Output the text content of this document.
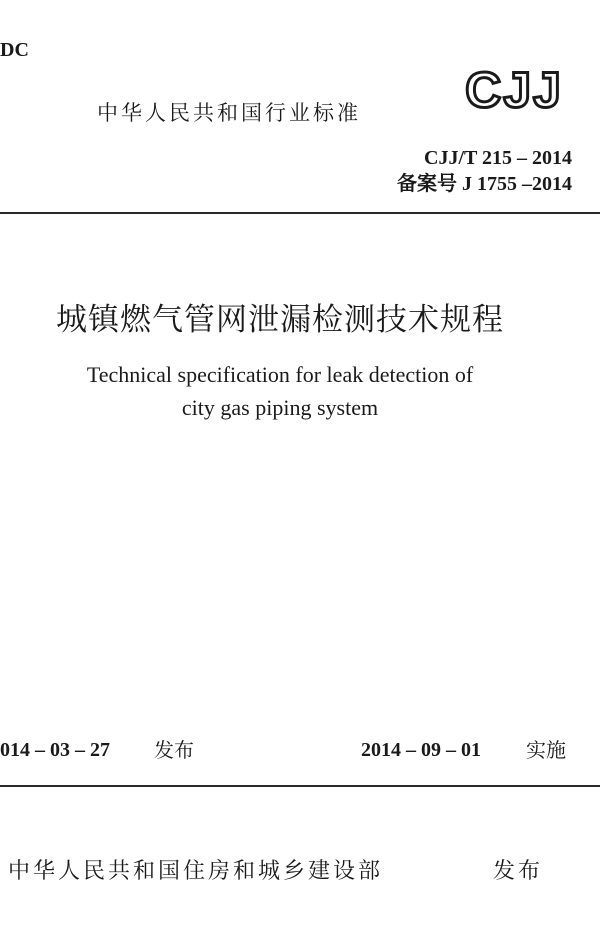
DC
中华人民共和国行业标准 CJJ
CJJ/T 215 – 2014
备案号 J 1755 –2014
城镇燃气管网泄漏检测技术规程
Technical specification for leak detection of
city gas piping system
014 – 03 – 27 发布	2014 – 09 – 01 实施
中华人民共和国住房和城乡建设部	发布
